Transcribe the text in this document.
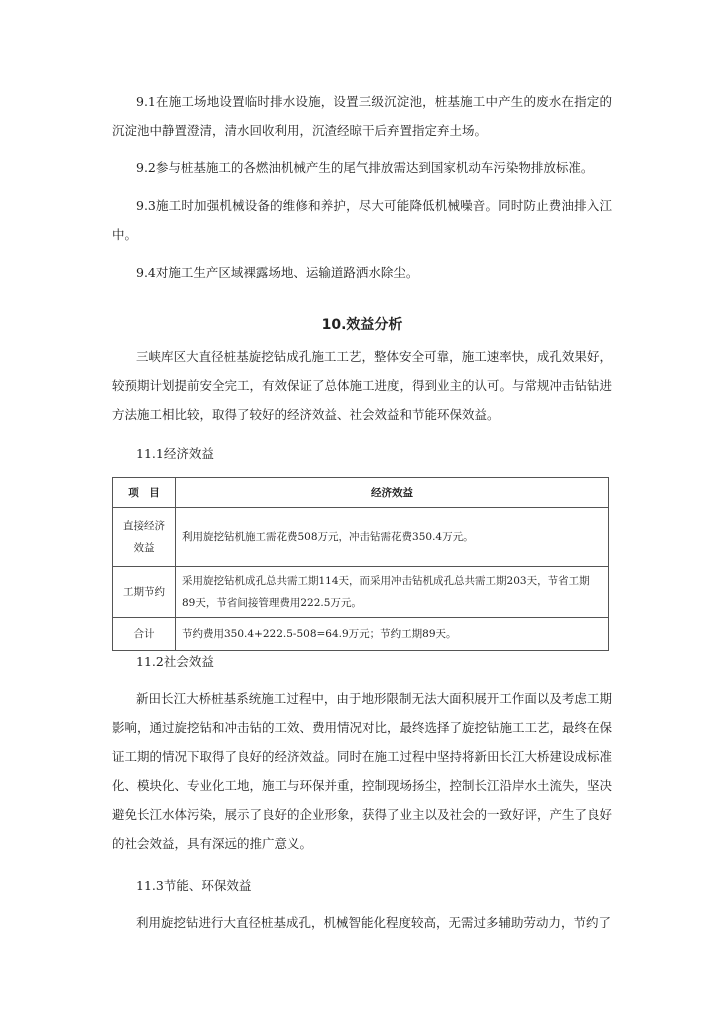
9.1在施工场地设置临时排水设施，设置三级沉淀池，桩基施工中产生的废水在指定的沉淀池中静置澄清，清水回收利用，沉渣经晾干后弃置指定弃土场。

9.2参与桩基施工的各燃油机械产生的尾气排放需达到国家机动车污染物排放标准。

9.3施工时加强机械设备的维修和养护，尽大可能降低机械噪音。同时防止费油排入江中。

9.4对施工生产区域裸露场地、运输道路洒水除尘。

10.效益分析

三峡库区大直径桩基旋挖钻成孔施工工艺，整体安全可靠，施工速率快，成孔效果好，较预期计划提前安全完工，有效保证了总体施工进度，得到业主的认可。与常规冲击钻钻进方法施工相比较，取得了较好的经济效益、社会效益和节能环保效益。

11.1经济效益

项　目	经济效益
直接经济效益	利用旋挖钻机施工需花费508万元，冲击钻需花费350.4万元。
工期节约	采用旋挖钻机成孔总共需工期114天，而采用冲击钻机成孔总共需工期203天，节省工期89天，节省间接管理费用222.5万元。
合计	节约费用350.4+222.5-508=64.9万元；节约工期89天。

11.2社会效益

新田长江大桥桩基系统施工过程中，由于地形限制无法大面积展开工作面以及考虑工期影响，通过旋挖钻和冲击钻的工效、费用情况对比，最终选择了旋挖钻施工工艺，最终在保证工期的情况下取得了良好的经济效益。同时在施工过程中坚持将新田长江大桥建设成标准化、模块化、专业化工地，施工与环保并重，控制现场扬尘，控制长江沿岸水土流失，坚决避免长江水体污染，展示了良好的企业形象，获得了业主以及社会的一致好评，产生了良好的社会效益，具有深远的推广意义。

11.3节能、环保效益

利用旋挖钻进行大直径桩基成孔，机械智能化程度较高，无需过多辅助劳动力，节约了
